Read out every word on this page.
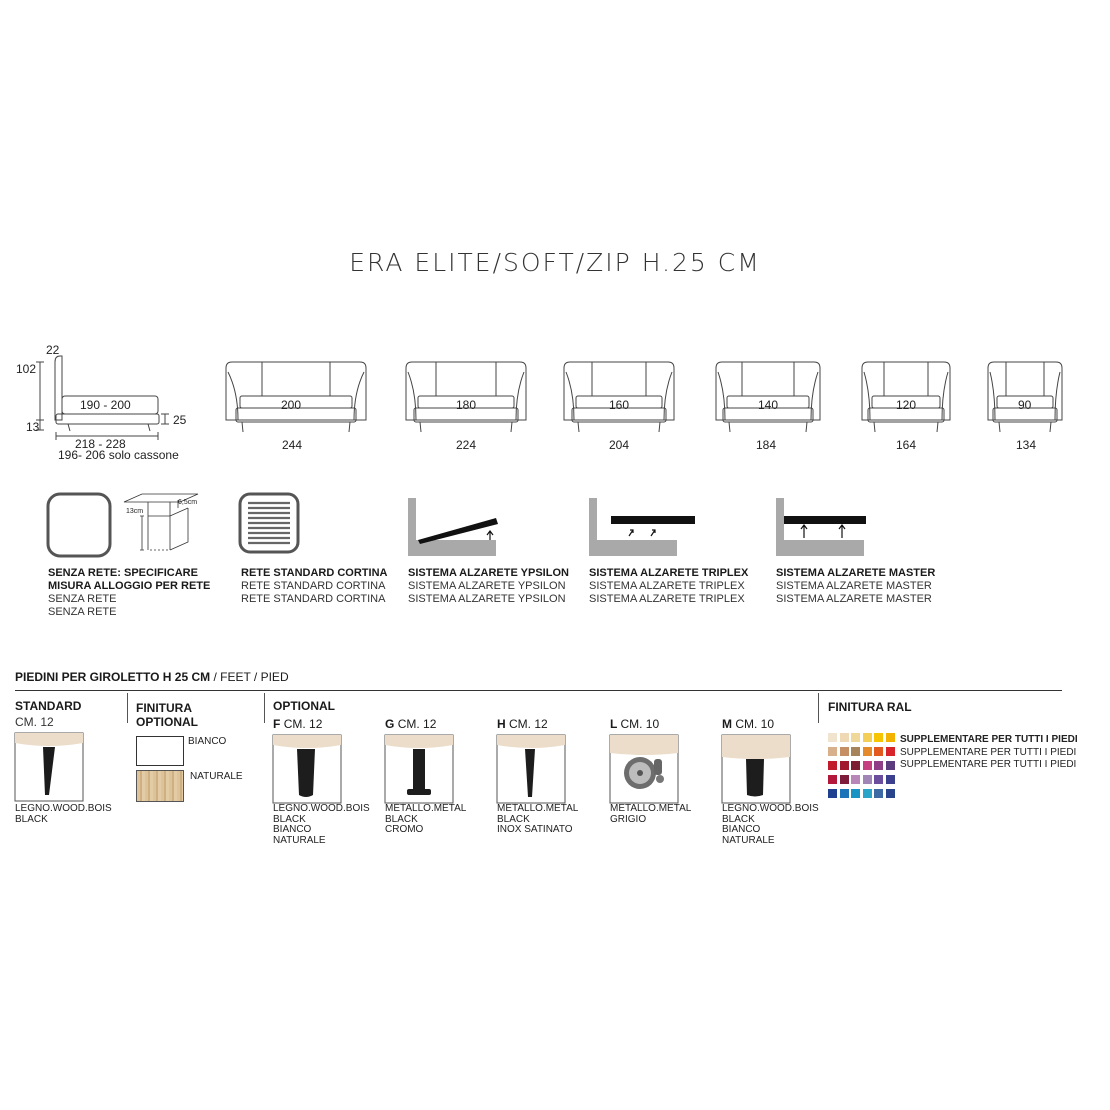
ERA ELITE/SOFT/ZIP H.25 CM
22
102
13
190 - 200
25
218 - 228
196- 206 solo cassone
200
244
180
224
160
204
140
184
120
164
90
134
13cm
6,5cm
SENZA RETE: SPECIFICARE
MISURA ALLOGGIO PER RETE
SENZA RETE
SENZA RETE
RETE STANDARD CORTINA
RETE STANDARD CORTINA
RETE STANDARD CORTINA
SISTEMA ALZARETE YPSILON
SISTEMA ALZARETE YPSILON
SISTEMA ALZARETE YPSILON
SISTEMA ALZARETE TRIPLEX
SISTEMA ALZARETE TRIPLEX
SISTEMA ALZARETE TRIPLEX
SISTEMA ALZARETE MASTER
SISTEMA ALZARETE MASTER
SISTEMA ALZARETE MASTER
PIEDINI PER GIROLETTO H 25 CM / FEET / PIED
STANDARD
CM. 12
LEGNO.WOOD.BOIS
BLACK
FINITURA
OPTIONAL
BIANCO
NATURALE
OPTIONAL
F CM. 12
LEGNO.WOOD.BOIS
BLACK
BIANCO
NATURALE
G CM. 12
METALLO.METAL
BLACK
CROMO
H CM. 12
METALLO.METAL
BLACK
INOX SATINATO
L CM. 10
METALLO.METAL
GRIGIO
M CM. 10
LEGNO.WOOD.BOIS
BLACK
BIANCO
NATURALE
FINITURA RAL
SUPPLEMENTARE PER TUTTI I PIEDI
SUPPLEMENTARE PER TUTTI I PIEDI
SUPPLEMENTARE PER TUTTI I PIEDI
